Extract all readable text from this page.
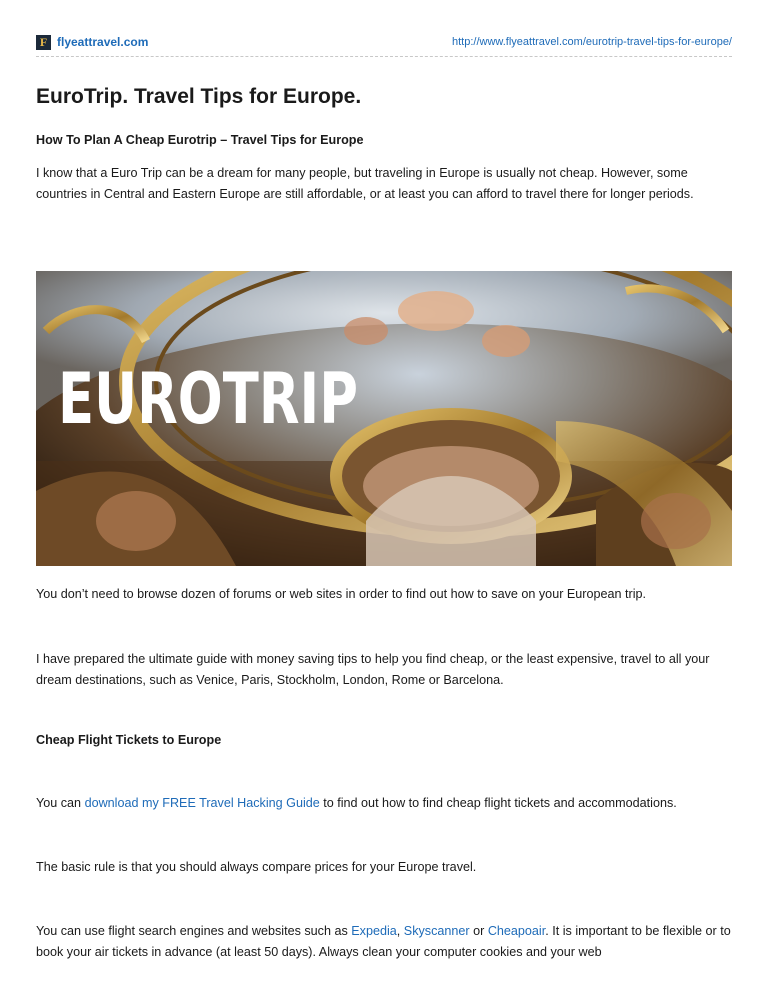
F flyeattravel.com	http://www.flyeattravel.com/eurotrip-travel-tips-for-europe/
EuroTrip. Travel Tips for Europe.

How To Plan A Cheap Eurotrip – Travel Tips for Europe

I know that a Euro Trip can be a dream for many people, but traveling in Europe is usually not cheap. However, some countries in Central and Eastern Europe are still affordable, or at least you can afford to travel there for longer periods.

EUROTRIP

You don’t need to browse dozen of forums or web sites in order to find out how to save on your European trip.

I have prepared the ultimate guide with money saving tips to help you find cheap, or the least expensive, travel to all your dream destinations, such as Venice, Paris, Stockholm, London, Rome or Barcelona.

Cheap Flight Tickets to Europe

You can download my FREE Travel Hacking Guide to find out how to find cheap flight tickets and accommodations.

The basic rule is that you should always compare prices for your Europe travel.

You can use flight search engines and websites such as Expedia, Skyscanner or Cheapoair. It is important to be flexible or to book your air tickets in advance (at least 50 days). Always clean your computer cookies and your web
